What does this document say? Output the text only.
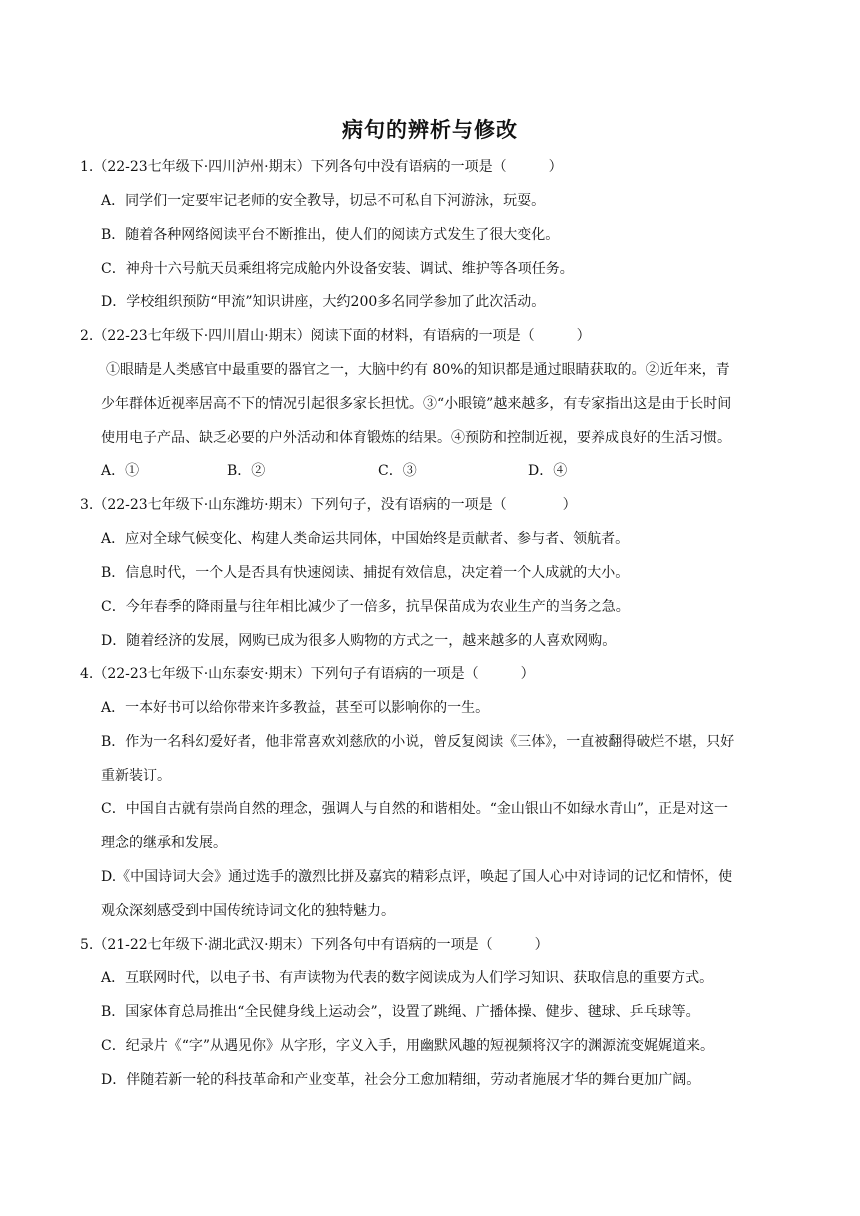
病句的辨析与修改
1.（22-23七年级下·四川泸州·期末）下列各句中没有语病的一项是（　　　）
A．同学们一定要牢记老师的安全教导，切忌不可私自下河游泳，玩耍。
B．随着各种网络阅读平台不断推出，使人们的阅读方式发生了很大变化。
C．神舟十六号航天员乘组将完成舱内外设备安装、调试、维护等各项任务。
D．学校组织预防“甲流”知识讲座，大约200多名同学参加了此次活动。
2.（22-23七年级下·四川眉山·期末）阅读下面的材料，有语病的一项是（　　　）
①眼睛是人类感官中最重要的器官之一，大脑中约有 80%的知识都是通过眼睛获取的。②近年来，青
少年群体近视率居高不下的情况引起很多家长担忧。③“小眼镜”越来越多，有专家指出这是由于长时间
使用电子产品、缺乏必要的户外活动和体育锻炼的结果。④预防和控制近视，要养成良好的生活习惯。
A．①	B．②	C．③	D．④
3.（22-23七年级下·山东潍坊·期末）下列句子，没有语病的一项是（　　　　）
A．应对全球气候变化、构建人类命运共同体，中国始终是贡献者、参与者、领航者。
B．信息时代，一个人是否具有快速阅读、捕捉有效信息，决定着一个人成就的大小。
C．今年春季的降雨量与往年相比减少了一倍多，抗旱保苗成为农业生产的当务之急。
D．随着经济的发展，网购已成为很多人购物的方式之一，越来越多的人喜欢网购。
4.（22-23七年级下·山东泰安·期末）下列句子有语病的一项是（　　　）
A．一本好书可以给你带来许多教益，甚至可以影响你的一生。
B．作为一名科幻爱好者，他非常喜欢刘慈欣的小说，曾反复阅读《三体》，一直被翻得破烂不堪，只好
重新装订。
C．中国自古就有崇尚自然的理念，强调人与自然的和谐相处。“金山银山不如绿水青山”，正是对这一
理念的继承和发展。
D.《中国诗词大会》通过选手的激烈比拼及嘉宾的精彩点评，唤起了国人心中对诗词的记忆和情怀，使
观众深刻感受到中国传统诗词文化的独特魅力。
5.（21-22七年级下·湖北武汉·期末）下列各句中有语病的一项是（　　　）
A．互联网时代，以电子书、有声读物为代表的数字阅读成为人们学习知识、获取信息的重要方式。
B．国家体育总局推出“全民健身线上运动会”，设置了跳绳、广播体操、健步、毽球、乒乓球等。
C．纪录片《“字”从遇见你》从字形，字义入手，用幽默风趣的短视频将汉字的渊源流变娓娓道来。
D．伴随若新一轮的科技革命和产业变革，社会分工愈加精细，劳动者施展才华的舞台更加广阔。
